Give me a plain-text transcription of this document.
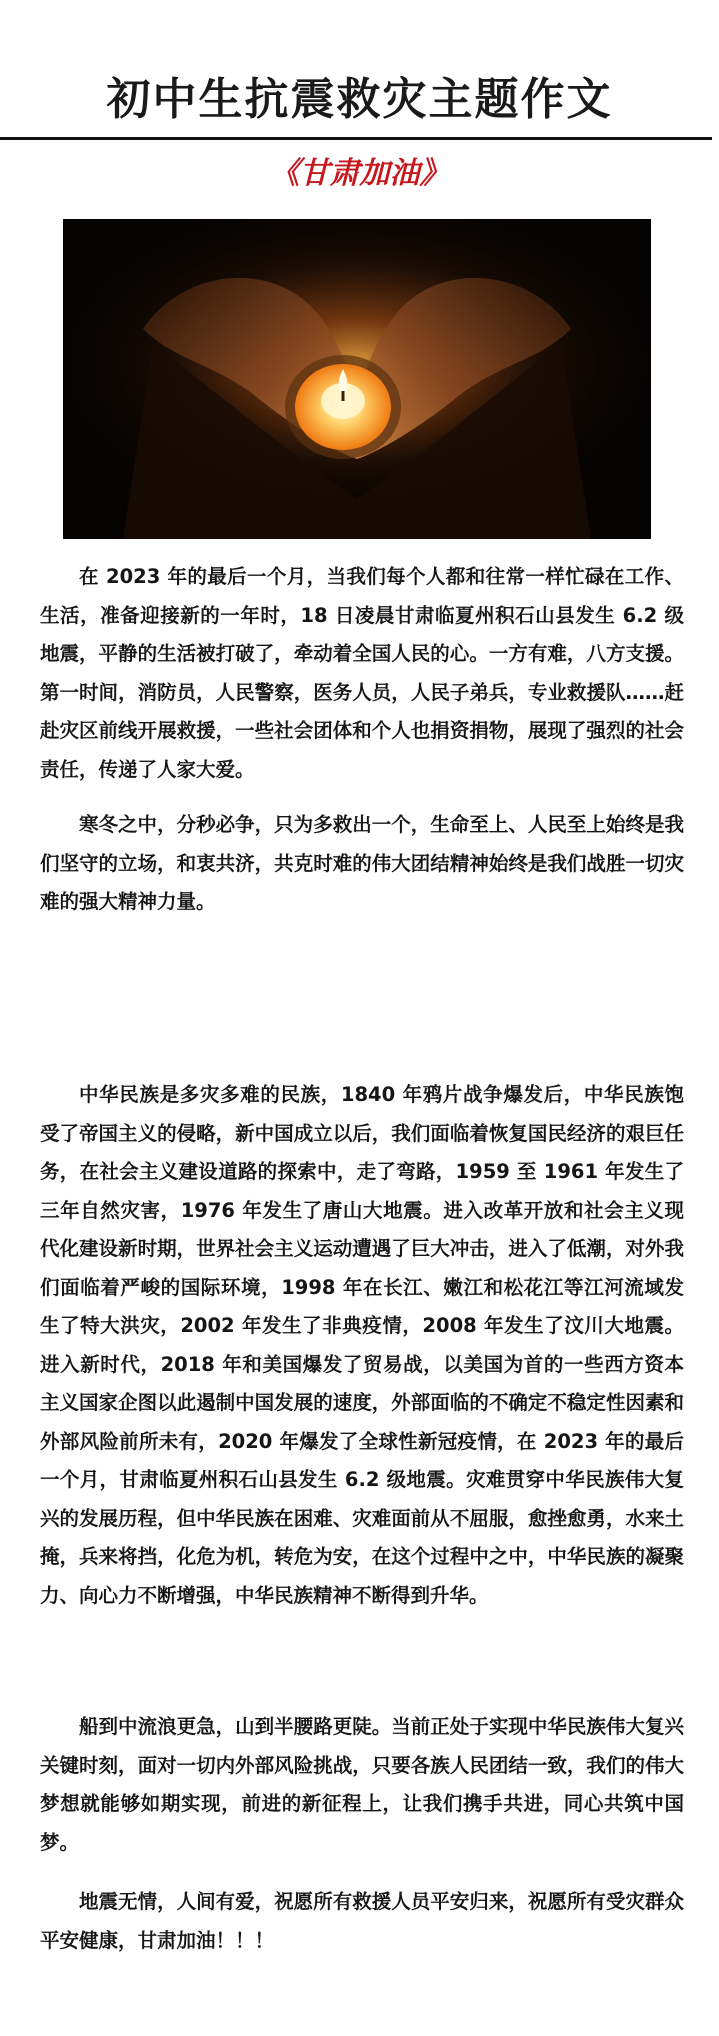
初中生抗震救灾主题作文
《甘肃加油》

在 2023 年的最后一个月，当我们每个人都和往常一样忙碌在工作、生活，准备迎接新的一年时，18 日凌晨甘肃临夏州积石山县发生 6.2 级地震，平静的生活被打破了，牵动着全国人民的心。一方有难，八方支援。第一时间，消防员，人民警察，医务人员，人民子弟兵，专业救援队……赶赴灾区前线开展救援，一些社会团体和个人也捐资捐物，展现了强烈的社会责任，传递了人家大爱。

寒冬之中，分秒必争，只为多救出一个，生命至上、人民至上始终是我们坚守的立场，和衷共济，共克时难的伟大团结精神始终是我们战胜一切灾难的强大精神力量。

中华民族是多灾多难的民族，1840 年鸦片战争爆发后，中华民族饱受了帝国主义的侵略，新中国成立以后，我们面临着恢复国民经济的艰巨任务，在社会主义建设道路的探索中，走了弯路，1959 至 1961 年发生了三年自然灾害，1976 年发生了唐山大地震。进入改革开放和社会主义现代化建设新时期，世界社会主义运动遭遇了巨大冲击，进入了低潮，对外我们面临着严峻的国际环境，1998 年在长江、嫩江和松花江等江河流域发生了特大洪灾，2002 年发生了非典疫情，2008 年发生了汶川大地震。进入新时代，2018 年和美国爆发了贸易战，以美国为首的一些西方资本主义国家企图以此遏制中国发展的速度，外部面临的不确定不稳定性因素和外部风险前所未有，2020 年爆发了全球性新冠疫情，在 2023 年的最后一个月，甘肃临夏州积石山县发生 6.2 级地震。灾难贯穿中华民族伟大复兴的发展历程，但中华民族在困难、灾难面前从不屈服，愈挫愈勇，水来土掩，兵来将挡，化危为机，转危为安，在这个过程中之中，中华民族的凝聚力、向心力不断增强，中华民族精神不断得到升华。

船到中流浪更急，山到半腰路更陡。当前正处于实现中华民族伟大复兴关键时刻，面对一切内外部风险挑战，只要各族人民团结一致，我们的伟大梦想就能够如期实现，前进的新征程上，让我们携手共进，同心共筑中国梦。

地震无情，人间有爱，祝愿所有救援人员平安归来，祝愿所有受灾群众平安健康，甘肃加油！！！
